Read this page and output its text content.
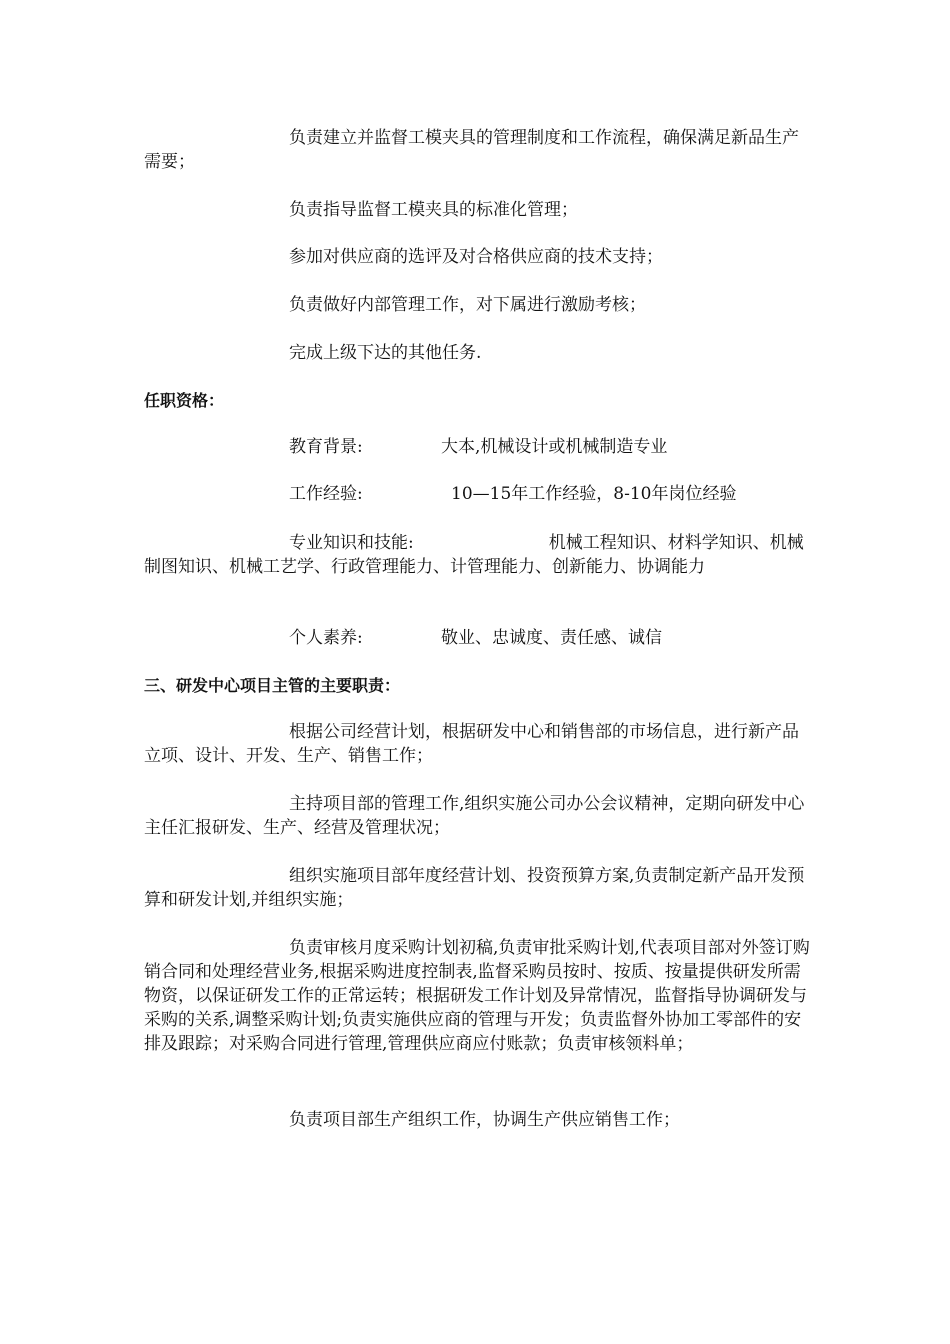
负责建立并监督工模夹具的管理制度和工作流程，确保满足新品生产需要；

负责指导监督工模夹具的标准化管理；

参加对供应商的选评及对合格供应商的技术支持；

负责做好内部管理工作，对下属进行激励考核；

完成上级下达的其他任务.

任职资格：

教育背景:	大本,机械设计或机械制造专业
工作经验:	10—15年工作经验，8-10年岗位经验

专业知识和技能:	机械工程知识、材料学知识、机械制图知识、机械工艺学、行政管理能力、计管理能力、创新能力、协调能力

个人素养:	敬业、忠诚度、责任感、诚信

三、研发中心项目主管的主要职责：

根据公司经营计划，根据研发中心和销售部的市场信息，进行新产品立项、设计、开发、生产、销售工作；

主持项目部的管理工作,组织实施公司办公会议精神，定期向研发中心主任汇报研发、生产、经营及管理状况；

组织实施项目部年度经营计划、投资预算方案,负责制定新产品开发预算和研发计划,并组织实施；

负责审核月度采购计划初稿,负责审批采购计划,代表项目部对外签订购销合同和处理经营业务,根据采购进度控制表,监督采购员按时、按质、按量提供研发所需物资，以保证研发工作的正常运转；根据研发工作计划及异常情况，监督指导协调研发与采购的关系,调整采购计划;负责实施供应商的管理与开发；负责监督外协加工零部件的安排及跟踪；对采购合同进行管理,管理供应商应付账款；负责审核领料单；

负责项目部生产组织工作，协调生产供应销售工作；
